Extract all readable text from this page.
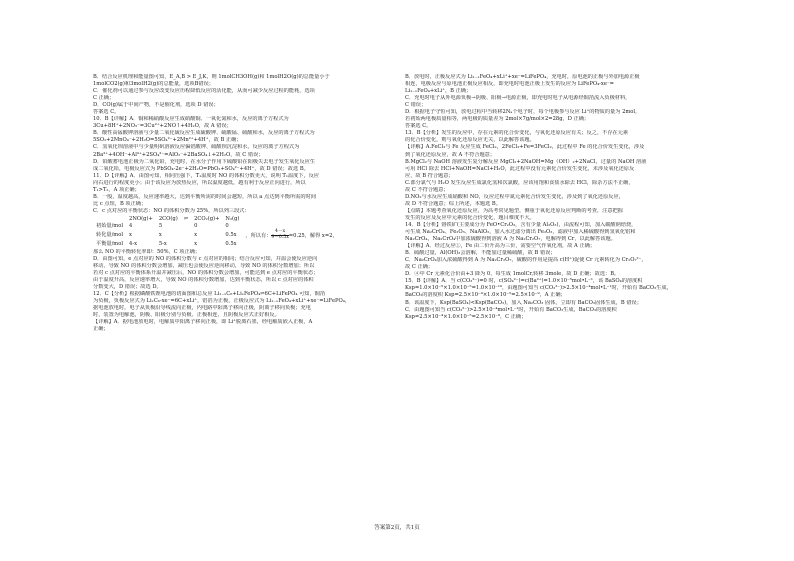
B．结合反应机理和能量图可知，E_A,B > E_J,K，则 1molCH3OH(g)和 1molH2O(g)的总能量小于
1molCO2(g)和3molH2(g)的总能量，选项B错误；
C．催化剂可以通过参与反应改变反应历程降低反应的活化能，从而可减少反应过程的能耗，选项
C 正确；
D．CO(g)属于中间产物，不是催化剂，选项 D 错误；
答案选 C。
10．B【详解】A．铜和稀硝酸反应生成硝酸铜、一氧化氮和水，反应的离子方程式为
3Cu+8H⁺+2NO₃⁻=3Cu²⁺+2NO↑+4H₂O，故 A 错误；
B．酸性高锰酸钾溶液与少量二氧化硫反应生成硫酸钾、硫酸锰、硫酸和水，反应的离子方程式为
5SO₂+2MnO₄⁻+2H₂O=5SO₄²⁻+2Mn²⁺+4H⁺，故 B 正确；
C．氢氧化钡溶液中与少量明矾溶液反应偏铝酸钾、硫酸钡沉淀和水，反应的离子方程式为
2Ba²⁺+4OH⁻+Al³⁺+2SO₄²⁻=AlO₂⁻+2BaSO₄↓+2H₂O，故 C 错误；
D．铅酸蓄电池正极为二氧化铅，充电时，在水分子作用下硫酸铅在阳极失去电子发生氧化反应生
成二氧化铅，电极反应式为 PbSO₄-2e⁻+2H₂O=PbO₂+SO₄²⁻+4H⁺，故 D 错误；故选 B。
11．D【详解】A．由图可知，相同压强下，T₁温度时 NO 的体积分数更大，说明 T₁温度下，反应
向右进行的程度更小；由于该反应为放热反应，所以温度越低，越有利于反应正向进行，所以
T₁>T₂，A 项正确；
B．一般，温度越高，反应速率越大，达到平衡所需的时间会越短，所以 a 点达到平衡所需的时间
比 c 点短，B 项正确；
C．c 点对应的平衡状态：NO 的体积分数为 25%，所以列三段式：
	2NO(g)+	2CO(g)	⇌	2CO₂(g)+	N₂(g)	
初始量/mol	4	5		0	0	
转化量/mol	x	x		x	0.5x	，所以有： $\frac{4-x}{9-0.5x}=0.25$，解得 x=2，
平衡量/mol	4-x	5-x		x	0.5x	
那么 NO 的平衡转化率即：50%，C 项正确；
D．由图可知，e 点对应的 NO 的体积分数与 c 点对应的相同；结合反应可知，并温会使反应逆向
移动，导致 NO 的体积分数会增加，减压也会使反应逆向移动，导致 NO 的体积分数增加；所以
若对 c 点对应的平衡体系升温并减压后，NO 的体积分数会增加，可能达到 e 点对应的平衡状态；
由于温度升高，反应速率增大，导致 NO 的体积分数增加，达到平衡状态，所以 c 点对应的体积
分数变大，D 错误；故选 D。
12．C【分析】根据磷酸铁锂电池的切面图和总反应 Li₁₋ₓC₆+LiₓFePO₄⇌6C+LiFePO₄ 可知，铜箔
为负极，负极反应式为 LiₓC₆-xe⁻=6C+xLi⁺，铝箔为正极，正极反应式为 Li₁₋ₓFeO₄+xLi⁺+xe⁻=LiFePO₄，
据电池放电时，电子从负极沿导线流向正极，内电路中阳离子移向正极，阴离子移向负极；充电
时，装置为电解池，阴极、阳极分别与负极、正极相连，且阴极反应式正好相反。
【详解】A．据电池放电时，电解质中阳离子移向正极，即 Li⁺脱离石墨，经电解质嵌入正极，A
正确；
B．放电时，正极反应式为 Li₁₋ₓFeO₄+xLi⁺+xe⁻=LiFePO₄，充电时，原电池的正极与外加电源正极
相连，电极反应与原电池正极反应相反，即充电时电池正极上发生的反应为 LiFePO₄-xe⁻=
Li₁₋ₓFeO₄+xLi⁺，B 正确；
C．充电时电子从外电源负极→阴极、阳极→电源正极，即充电时电子从电源经铜箔流入负极材料，
C 错误；
D．根据电子守恒可知，放电过程中当转移2Nₐ个电子时，每个电极参与反应 Li⁺的物质的量为 2mol，
若初始两电极质量相等，两电极的质量差为 2mol×7g/mol×2=28g，D 正确；
答案选 C。
13．B【分析】发生的反应中，存在元素的化合价变化，与氧化还原反应有关；反之，不存在元素
的化合价变化，则与氧化还原反应无关，以此解答该题。
【详解】A.FeCl₃与 Fe 反应生成 FeCl₂，2FeCl₃+Fe=3FeCl₂，此过程中 Fe 的化合价发生变化，涉及
到了氧化还原反应，故 A 不符合题意；
B.MgCl₂与 NaOH 溶液发生复分解反应 MgCl₂+2NaOH=Mg（OH）₂+2NaCl，过量的 NaOH 溶液
可用 HCl 除去 HCl+NaOH=NaCl+H₂O，此过程中没有元素化合价发生变化，未涉及氧化还原反
应，故 B 符合题意；
C.部分氯气与 H₂O 发生反应生成氯化氢和次氯酸，应该用饱和食盐水除去 HCl，除杂方法不正确，
故 C 不符合题意；
D.NO₂与水反应生成硝酸和 NO，反应过程中氮元素化合价发生变化，涉及到了氧化还原反应，
故 D 不符合题意；综上所述，本题选 B。
【点睛】本题考查氧化还原反应，为高考常见题型，侧重于氧化还原反应判断的考查，注意把握
发生的反应及反应中元素的化合价变化，题目难度不大。
14．B【分析】铬铁矿(主要成分为 FeO•Cr₂O₃，含有少量 Al₂O₃)，由流程可知，加入碳酸钠焙烧，
可生成 Na₂CrO₄、Fe₂O₃、NaAlO₂，加入水过滤分离出 Fe₂O₃，滤液中加入稀硫酸得到氢氧化铝和
Na₂CrO₄，Na₂CrO₄中加浓硫酸得到溶液 A 为 Na₂Cr₂O₇，电解得到 Cr，以此解答该题。
【详解】A．经过反应①，Fe 由二价升高为三价，需要空气作氧化剂，故 A 正确；
B．硫酸过量，Al(OH)₃会溶解，不能加过量稀硫酸，故 B 错误；
C．Na₂CrO₄加入浓硫酸得到 A 为 Na₂Cr₂O₇，硫酸的作用是提高 c(H⁺)促使 Cr 元素转化为 Cr₂O₇²⁻，
故 C 正确；
D．④中 Cr 元素化合价由+3 降为 0，每生成 1molCr,转移 3mole，故 D 正确；故选：B。
15．B【详解】A．当 c(CO₃²⁻)=0 时，c(SO₄²⁻)=c(Ba²⁺)=1.0×10⁻⁵mol•L⁻¹，该 BaSO₄的溶度积
Ksp=1.0×10⁻⁵×1.0×10⁻⁵=1.0×10⁻¹⁰，由题图可知当 c(CO₃²⁻)>2.5×10⁻⁴mol•L⁻¹时，开始有 BaCO₃生成，
BaCO₃的溶度积 Ksp=2.5×10⁻⁴×1.0×10⁻⁵=2.5×10⁻⁹，A 正确；
B．该温度下，Ksp(BaSO₄)<Ksp(BaCO₃)，加入 Na₂CO₃ 固体，立即有 BaCO₃固体生成，B 错误；
C．由题图可知当 c(CO₃²⁻)>2.5×10⁻⁴mol•L⁻¹时，开始有 BaCO₃生成，BaCO₃的溶度积
Ksp=2.5×10⁻⁴×1.0×10⁻⁵=2.5×10⁻⁹，C 正确；
答案第2页，共1页
